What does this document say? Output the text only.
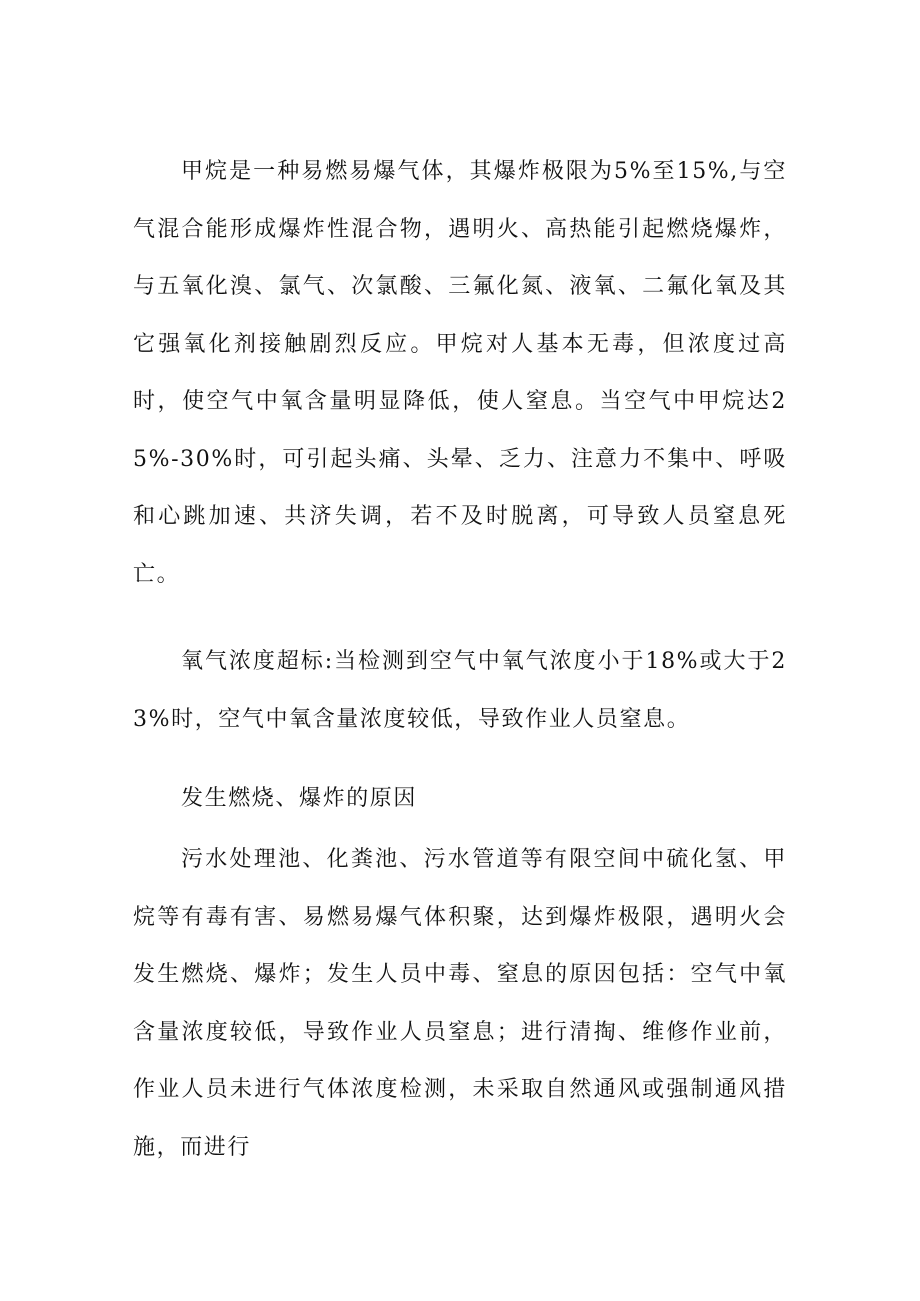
甲烷是一种易燃易爆气体，其爆炸极限为5%至15%,与空气混合能形成爆炸性混合物，遇明火、高热能引起燃烧爆炸，与五氧化溴、氯气、次氯酸、三氟化氮、液氧、二氟化氧及其它强氧化剂接触剧烈反应。甲烷对人基本无毒，但浓度过高时，使空气中氧含量明显降低，使人窒息。当空气中甲烷达25%-30%时，可引起头痛、头晕、乏力、注意力不集中、呼吸和心跳加速、共济失调，若不及时脱离，可导致人员窒息死亡。

氧气浓度超标:当检测到空气中氧气浓度小于18%或大于23%时，空气中氧含量浓度较低，导致作业人员窒息。

发生燃烧、爆炸的原因

污水处理池、化粪池、污水管道等有限空间中硫化氢、甲烷等有毒有害、易燃易爆气体积聚，达到爆炸极限，遇明火会发生燃烧、爆炸；发生人员中毒、窒息的原因包括：空气中氧含量浓度较低，导致作业人员窒息；进行清掏、维修作业前，作业人员未进行气体浓度检测，未采取自然通风或强制通风措施，而进行
